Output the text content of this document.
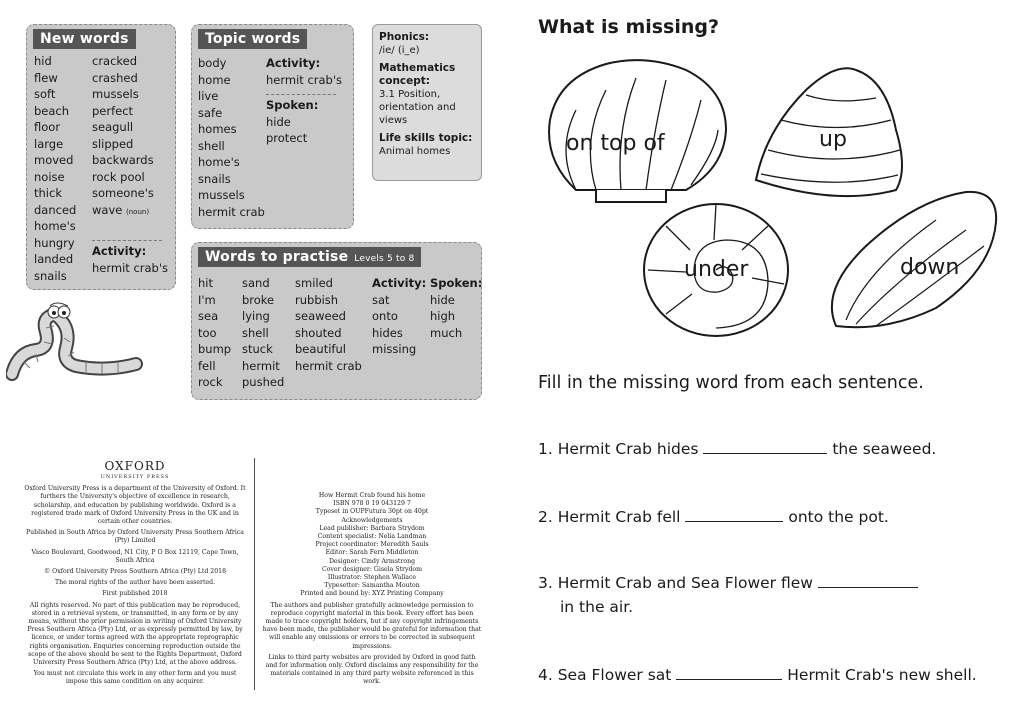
New words
hid
flew
soft
beach
floor
large
moved
noise
thick
danced
home's
hungry
landed
snails
cracked
crashed
mussels
perfect
seagull
slipped
backwards
rock pool
someone's
wave (noun)
Activity:
hermit crab's
Topic words
body
home
live
safe
homes
shell
home's
snails
mussels
hermit crab
Activity:
hermit crab's
Spoken:
hide
protect
Phonics:
/ie/ (i_e)
Mathematics concept:
3.1 Position, orientation and views
Life skills topic:
Animal homes
Words to practise Levels 5 to 8
hit
I'm
sea
too
bump
fell
rock
sand
broke
lying
shell
stuck
hermit
pushed
smiled
rubbish
seaweed
shouted
beautiful
hermit crab
Activity:
sat
onto
hides
missing
Spoken:
hide
high
much
OXFORD
UNIVERSITY PRESS

Oxford University Press is a department of the University of Oxford. It furthers the University's objective of excellence in research, scholarship, and education by publishing worldwide. Oxford is a registered trade mark of Oxford University Press in the UK and in certain other countries.

Published in South Africa by Oxford University Press Southern Africa (Pty) Limited

Vasco Boulevard, Goodwood, N1 City, P O Box 12119, Cape Town, South Africa

© Oxford University Press Southern Africa (Pty) Ltd 2018

The moral rights of the author have been asserted.

First published 2018

All rights reserved. No part of this publication may be reproduced, stored in a retrieval system, or transmitted, in any form or by any means, without the prior permission in writing of Oxford University Press Southern Africa (Pty) Ltd, or as expressly permitted by law, by licence, or under terms agreed with the appropriate reprographic rights organisation. Enquiries concerning reproduction outside the scope of the above should be sent to the Rights Department, Oxford University Press Southern Africa (Pty) Ltd, at the above address.

You must not circulate this work in any other form and you must impose this same condition on any acquirer.

How Hermit Crab found his home
ISBN 978 0 19 043129 7
Typeset in OUPFutura 30pt on 40pt
Acknowledgements
Lead publisher: Barbara Strydom
Content specialist: Nelia Landman
Project coordinator: Meredith Sauls
Editor: Sarah Fern Middleton
Designer: Cindy Armstrong
Cover designer: Gisela Strydom
Illustrator: Stephen Wallace
Typesetter: Samantha Mouton
Printed and bound by: XYZ Printing Company

The authors and publisher gratefully acknowledge permission to reproduce copyright material in this book. Every effort has been made to trace copyright holders, but if any copyright infringements have been made, the publisher would be grateful for information that will enable any omissions or errors to be corrected in subsequent impressions.

Links to third party websites are provided by Oxford in good faith and for information only. Oxford disclaims any responsibility for the materials contained in any third party website referenced in this work.

What is missing?
on top of	up
under	down
Fill in the missing word from each sentence.
1. Hermit Crab hides	the seaweed.
2. Hermit Crab fell	onto the pot.
3. Hermit Crab and Sea Flower flew
in the air.
4. Sea Flower sat	Hermit Crab's new shell.
